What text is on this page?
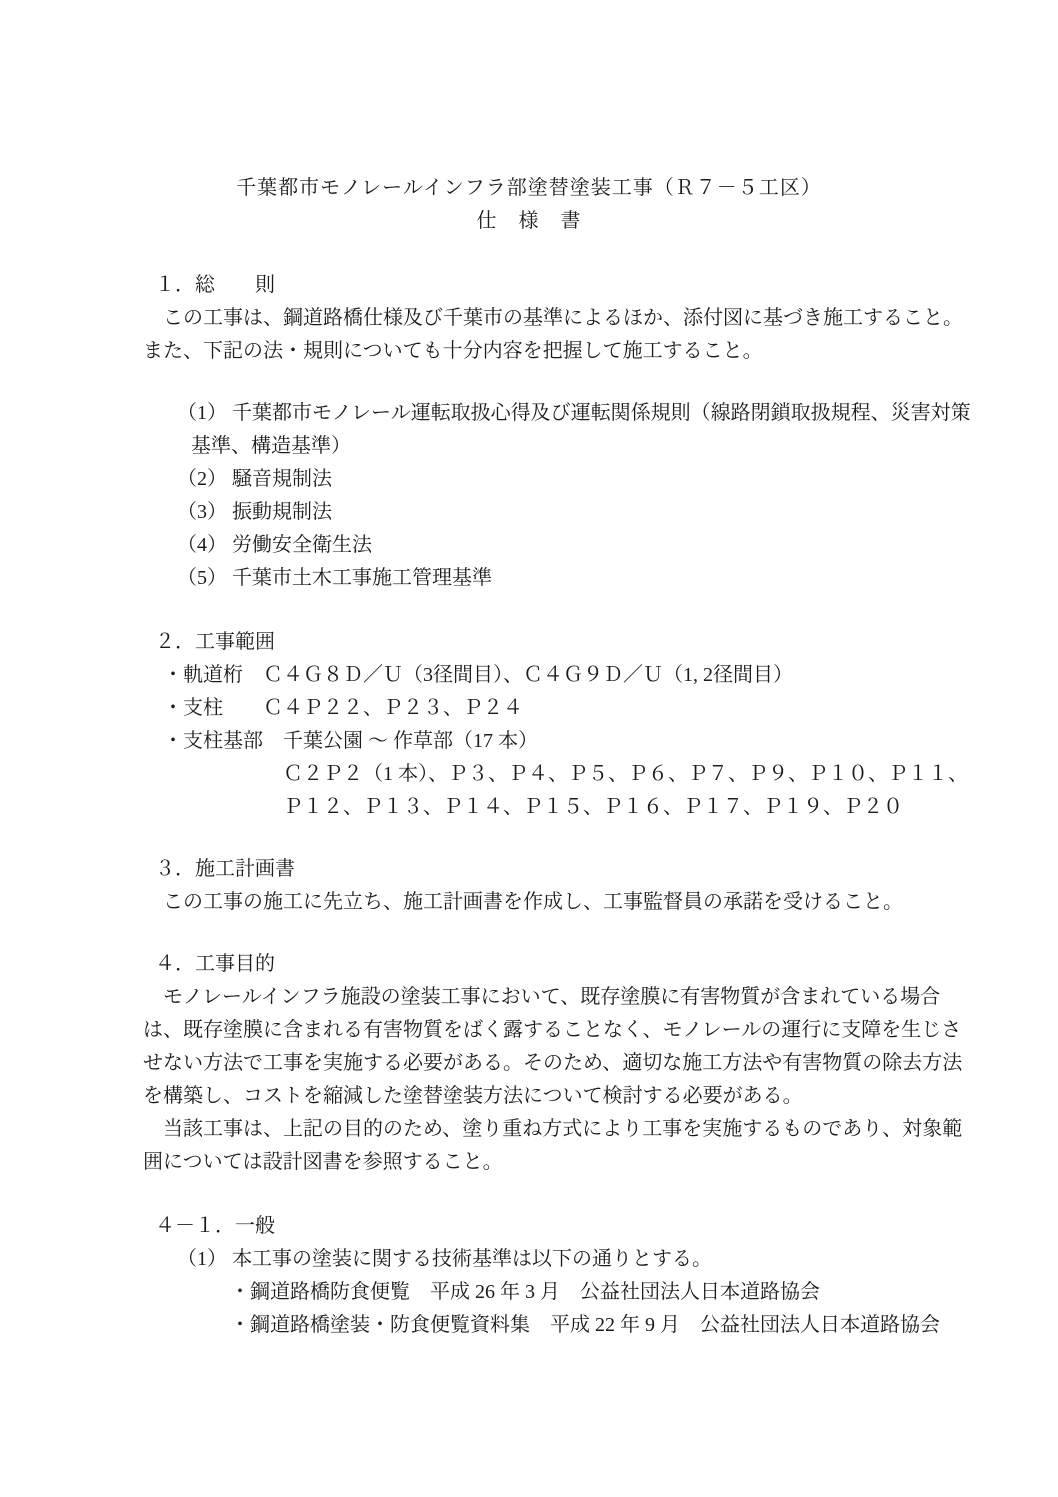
千葉都市モノレールインフラ部塗替塗装工事（Ｒ７－５工区）
仕　様　書
１．総　　則
この工事は、鋼道路橋仕様及び千葉市の基準によるほか、添付図に基づき施工すること。
また、下記の法・規則についても十分内容を把握して施工すること。
（1） 千葉都市モノレール運転取扱心得及び運転関係規則（線路閉鎖取扱規程、災害対策
基準、構造基準）
（2） 騒音規制法
（3） 振動規制法
（4） 労働安全衛生法
（5） 千葉市土木工事施工管理基準
２．工事範囲
・軌道桁　Ｃ４Ｇ８Ｄ／Ｕ（3径間目）、Ｃ４Ｇ９Ｄ／Ｕ（1, 2径間目）
・支柱　　Ｃ４Ｐ２２、Ｐ２３、Ｐ２４
・支柱基部　千葉公園 ～ 作草部（17 本）
Ｃ２Ｐ２（1 本）、Ｐ３、Ｐ４、Ｐ５、Ｐ６、Ｐ７、Ｐ９、Ｐ１０、Ｐ１１、
Ｐ１２、Ｐ１３、Ｐ１４、Ｐ１５、Ｐ１６、Ｐ１７、Ｐ１９、Ｐ２０
３．施工計画書
この工事の施工に先立ち、施工計画書を作成し、工事監督員の承諾を受けること。
４．工事目的
モノレールインフラ施設の塗装工事において、既存塗膜に有害物質が含まれている場合
は、既存塗膜に含まれる有害物質をばく露することなく、モノレールの運行に支障を生じさ
せない方法で工事を実施する必要がある。そのため、適切な施工方法や有害物質の除去方法
を構築し、コストを縮減した塗替塗装方法について検討する必要がある。
当該工事は、上記の目的のため、塗り重ね方式により工事を実施するものであり、対象範
囲については設計図書を参照すること。
４－１．一般
（1） 本工事の塗装に関する技術基準は以下の通りとする。
・鋼道路橋防食便覧　平成 26 年 3 月　公益社団法人日本道路協会
・鋼道路橋塗装・防食便覧資料集　平成 22 年 9 月　公益社団法人日本道路協会
